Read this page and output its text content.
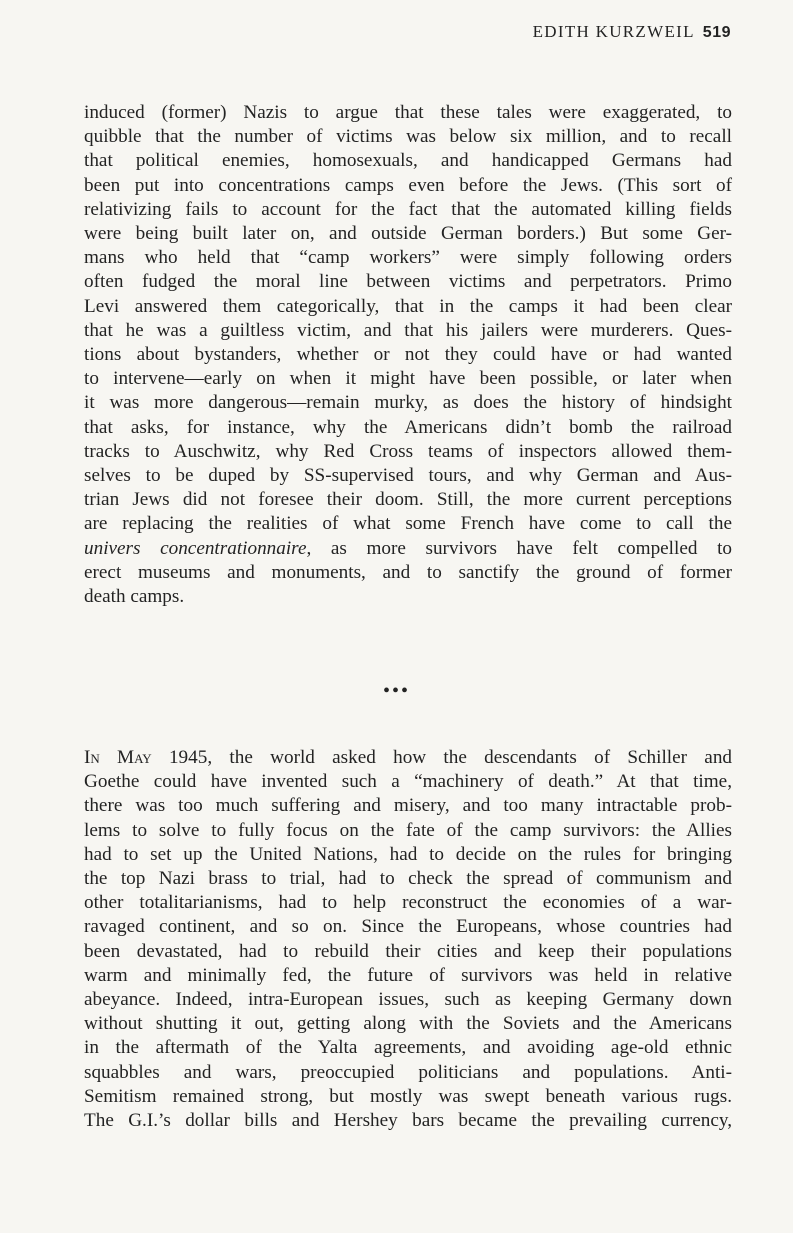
EDITH KURZWEIL 519
induced (former) Nazis to argue that these tales were exaggerated, to
quibble that the number of victims was below six million, and to recall
that political enemies, homosexuals, and handicapped Germans had
been put into concentrations camps even before the Jews. (This sort of
relativizing fails to account for the fact that the automated killing fields
were being built later on, and outside German borders.) But some Ger-
mans who held that “camp workers” were simply following orders
often fudged the moral line between victims and perpetrators. Primo
Levi answered them categorically, that in the camps it had been clear
that he was a guiltless victim, and that his jailers were murderers. Ques-
tions about bystanders, whether or not they could have or had wanted
to intervene—early on when it might have been possible, or later when
it was more dangerous—remain murky, as does the history of hindsight
that asks, for instance, why the Americans didn’t bomb the railroad
tracks to Auschwitz, why Red Cross teams of inspectors allowed them-
selves to be duped by SS-supervised tours, and why German and Aus-
trian Jews did not foresee their doom. Still, the more current perceptions
are replacing the realities of what some French have come to call the
univers concentrationnaire, as more survivors have felt compelled to
erect museums and monuments, and to sanctify the ground of former
death camps.
•••
In May 1945, the world asked how the descendants of Schiller and
Goethe could have invented such a “machinery of death.” At that time,
there was too much suffering and misery, and too many intractable prob-
lems to solve to fully focus on the fate of the camp survivors: the Allies
had to set up the United Nations, had to decide on the rules for bringing
the top Nazi brass to trial, had to check the spread of communism and
other totalitarianisms, had to help reconstruct the economies of a war-
ravaged continent, and so on. Since the Europeans, whose countries had
been devastated, had to rebuild their cities and keep their populations
warm and minimally fed, the future of survivors was held in relative
abeyance. Indeed, intra-European issues, such as keeping Germany down
without shutting it out, getting along with the Soviets and the Americans
in the aftermath of the Yalta agreements, and avoiding age-old ethnic
squabbles and wars, preoccupied politicians and populations. Anti-
Semitism remained strong, but mostly was swept beneath various rugs.
The G.I.’s dollar bills and Hershey bars became the prevailing currency,
